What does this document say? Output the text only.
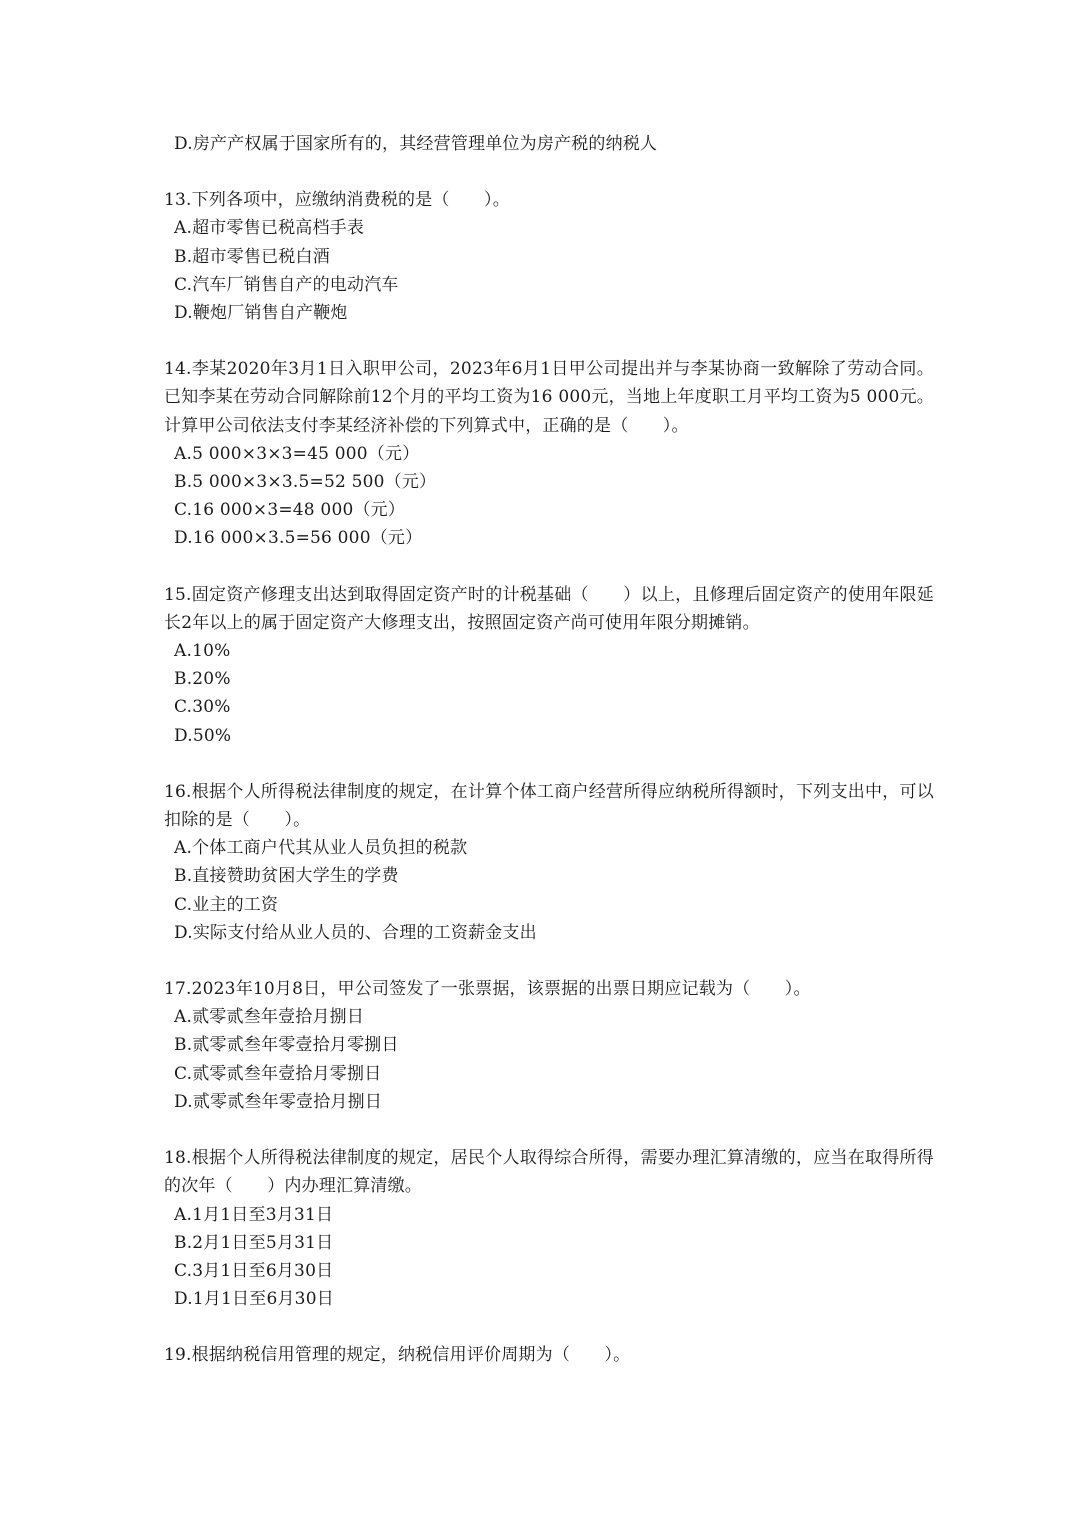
D.房产产权属于国家所有的，其经营管理单位为房产税的纳税人
13.下列各项中，应缴纳消费税的是（　　）。
A.超市零售已税高档手表
B.超市零售已税白酒
C.汽车厂销售自产的电动汽车
D.鞭炮厂销售自产鞭炮
14.李某2020年3月1日入职甲公司，2023年6月1日甲公司提出并与李某协商一致解除了劳动合同。已知李某在劳动合同解除前12个月的平均工资为16 000元，当地上年度职工月平均工资为5 000元。计算甲公司依法支付李某经济补偿的下列算式中，正确的是（　　）。
A.5 000×3×3=45 000（元）
B.5 000×3×3.5=52 500（元）
C.16 000×3=48 000（元）
D.16 000×3.5=56 000（元）
15.固定资产修理支出达到取得固定资产时的计税基础（　　）以上，且修理后固定资产的使用年限延长2年以上的属于固定资产大修理支出，按照固定资产尚可使用年限分期摊销。
A.10%
B.20%
C.30%
D.50%
16.根据个人所得税法律制度的规定，在计算个体工商户经营所得应纳税所得额时，下列支出中，可以扣除的是（　　）。
A.个体工商户代其从业人员负担的税款
B.直接赞助贫困大学生的学费
C.业主的工资
D.实际支付给从业人员的、合理的工资薪金支出
17.2023年10月8日，甲公司签发了一张票据，该票据的出票日期应记载为（　　）。
A.贰零贰叁年壹拾月捌日
B.贰零贰叁年零壹拾月零捌日
C.贰零贰叁年壹拾月零捌日
D.贰零贰叁年零壹拾月捌日
18.根据个人所得税法律制度的规定，居民个人取得综合所得，需要办理汇算清缴的，应当在取得所得的次年（　　）内办理汇算清缴。
A.1月1日至3月31日
B.2月1日至5月31日
C.3月1日至6月30日
D.1月1日至6月30日
19.根据纳税信用管理的规定，纳税信用评价周期为（　　）。
